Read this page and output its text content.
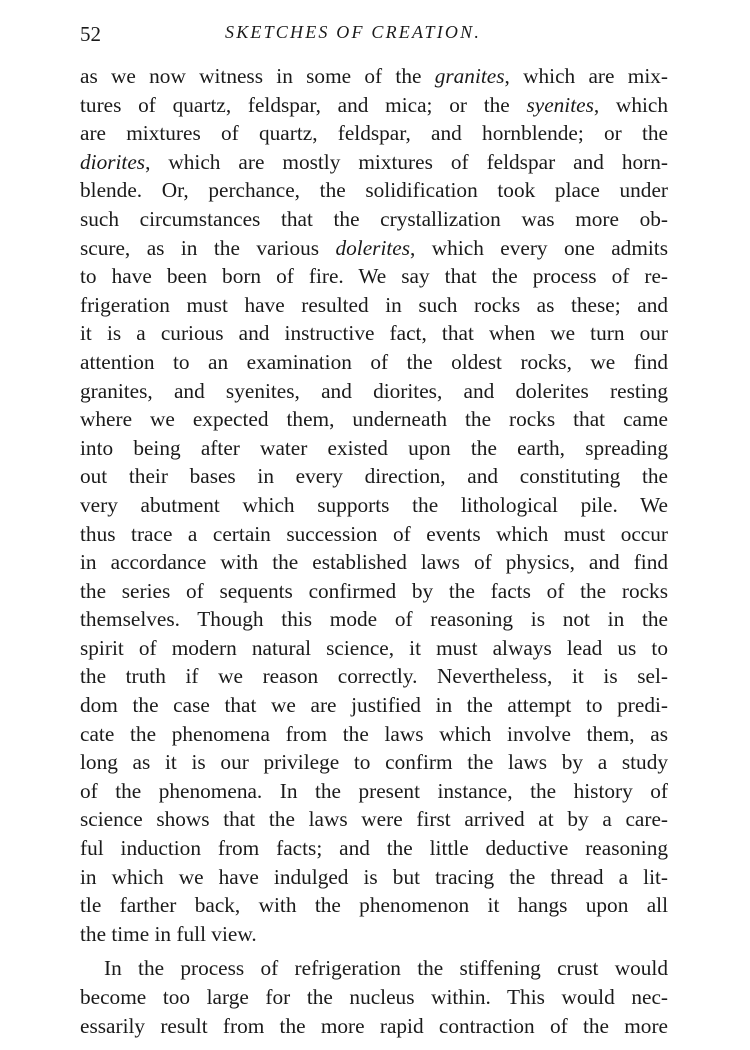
52	SKETCHES OF CREATION.
as we now witness in some of the granites, which are mix-
tures of quartz, feldspar, and mica; or the syenites, which
are mixtures of quartz, feldspar, and hornblende; or the
diorites, which are mostly mixtures of feldspar and horn-
blende. Or, perchance, the solidification took place under
such circumstances that the crystallization was more ob-
scure, as in the various dolerites, which every one admits
to have been born of fire. We say that the process of re-
frigeration must have resulted in such rocks as these; and
it is a curious and instructive fact, that when we turn our
attention to an examination of the oldest rocks, we find
granites, and syenites, and diorites, and dolerites resting
where we expected them, underneath the rocks that came
into being after water existed upon the earth, spreading
out their bases in every direction, and constituting the
very abutment which supports the lithological pile. We
thus trace a certain succession of events which must occur
in accordance with the established laws of physics, and find
the series of sequents confirmed by the facts of the rocks
themselves. Though this mode of reasoning is not in the
spirit of modern natural science, it must always lead us to
the truth if we reason correctly. Nevertheless, it is sel-
dom the case that we are justified in the attempt to predi-
cate the phenomena from the laws which involve them, as
long as it is our privilege to confirm the laws by a study
of the phenomena. In the present instance, the history of
science shows that the laws were first arrived at by a care-
ful induction from facts; and the little deductive reasoning
in which we have indulged is but tracing the thread a lit-
tle farther back, with the phenomenon it hangs upon all
the time in full view.
In the process of refrigeration the stiffening crust would
become too large for the nucleus within. This would nec-
essarily result from the more rapid contraction of the more
